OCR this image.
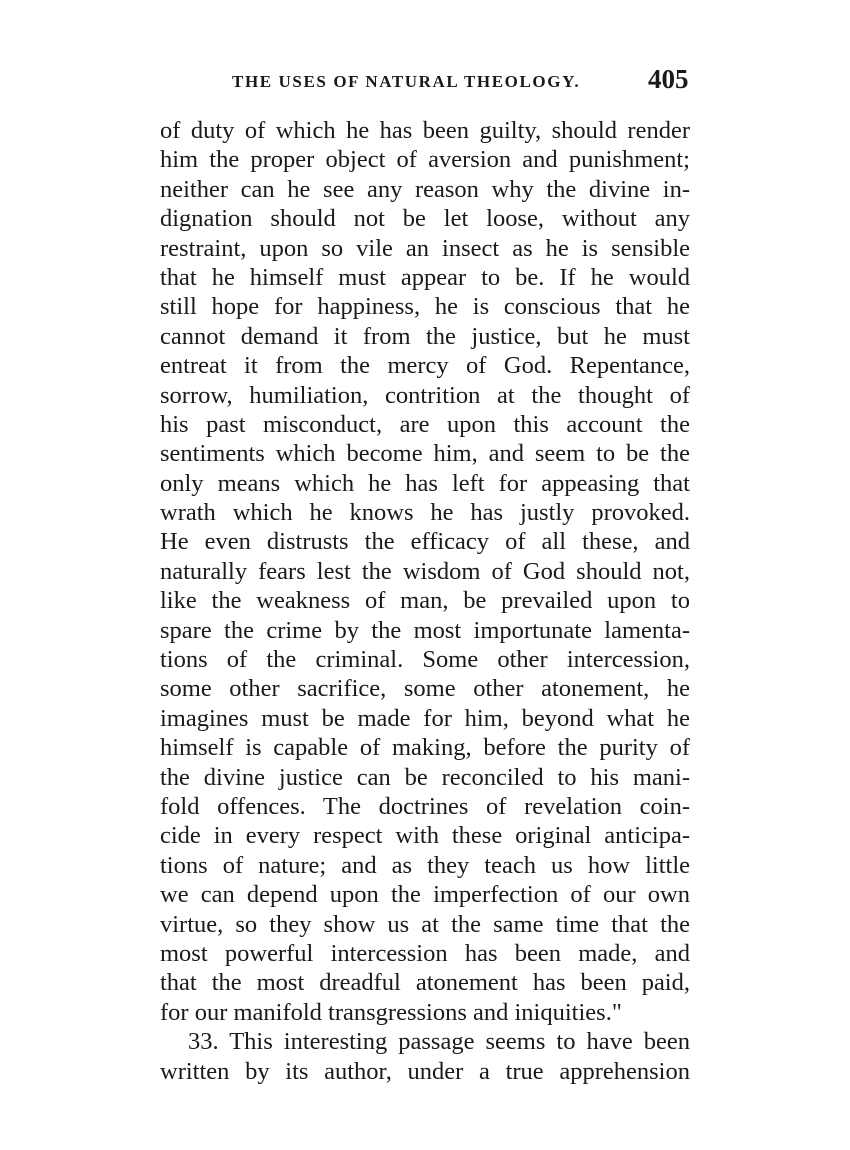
THE USES OF NATURAL THEOLOGY.	405
of duty of which he has been guilty, should render
him the proper object of aversion and punishment;
neither can he see any reason why the divine in-
dignation should not be let loose, without any
restraint, upon so vile an insect as he is sensible
that he himself must appear to be. If he would
still hope for happiness, he is conscious that he
cannot demand it from the justice, but he must
entreat it from the mercy of God. Repentance,
sorrow, humiliation, contrition at the thought of
his past misconduct, are upon this account the
sentiments which become him, and seem to be the
only means which he has left for appeasing that
wrath which he knows he has justly provoked.
He even distrusts the efficacy of all these, and
naturally fears lest the wisdom of God should not,
like the weakness of man, be prevailed upon to
spare the crime by the most importunate lamenta-
tions of the criminal. Some other intercession,
some other sacrifice, some other atonement, he
imagines must be made for him, beyond what he
himself is capable of making, before the purity of
the divine justice can be reconciled to his mani-
fold offences. The doctrines of revelation coin-
cide in every respect with these original anticipa-
tions of nature; and as they teach us how little
we can depend upon the imperfection of our own
virtue, so they show us at the same time that the
most powerful intercession has been made, and
that the most dreadful atonement has been paid,
for our manifold transgressions and iniquities."
33. This interesting passage seems to have been
written by its author, under a true apprehension
